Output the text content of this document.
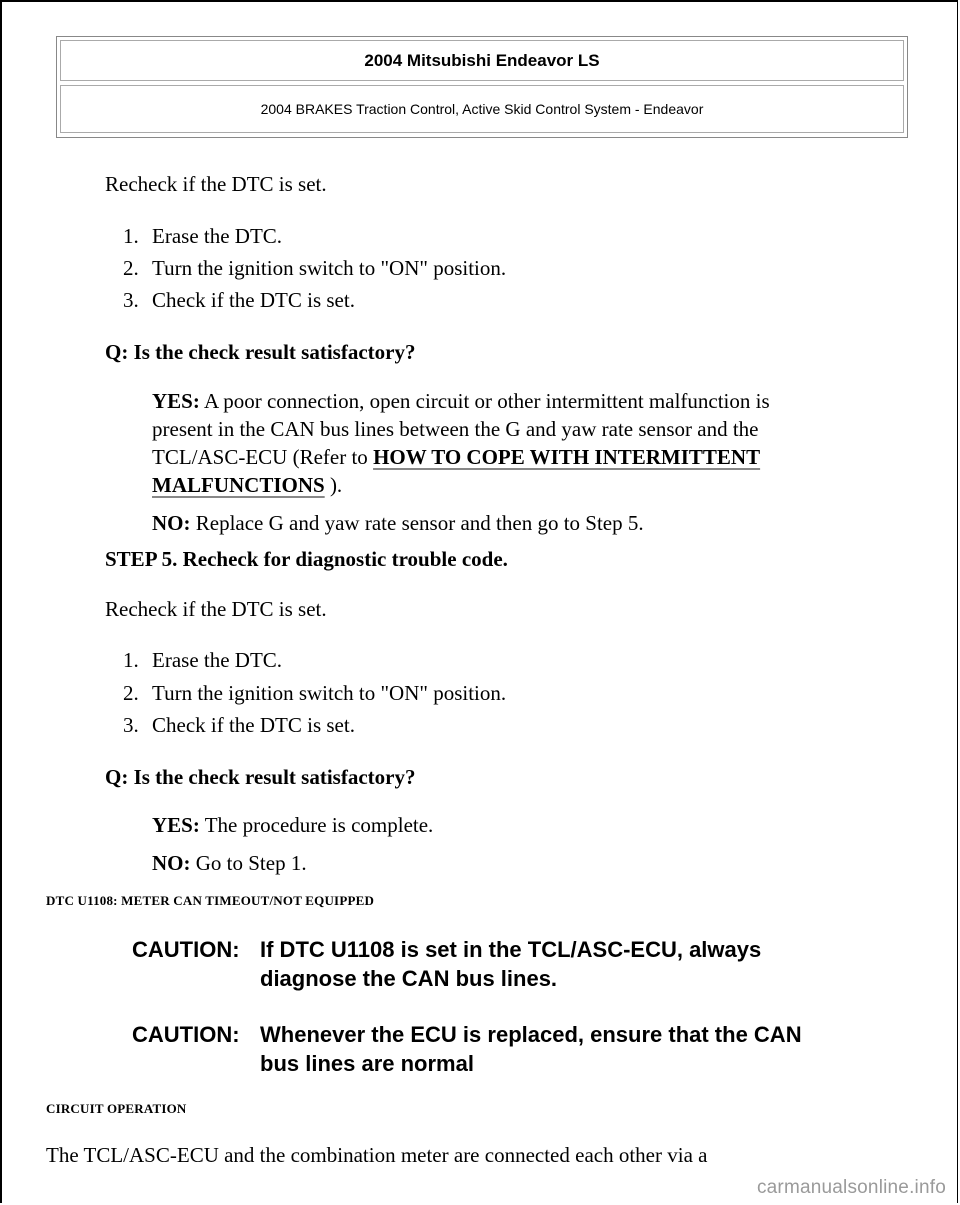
2004 Mitsubishi Endeavor LS
2004 BRAKES Traction Control, Active Skid Control System - Endeavor
Recheck if the DTC is set.
1. Erase the DTC.
2. Turn the ignition switch to "ON" position.
3. Check if the DTC is set.
Q: Is the check result satisfactory?
YES: A poor connection, open circuit or other intermittent malfunction is
present in the CAN bus lines between the G and yaw rate sensor and the
TCL/ASC-ECU (Refer to HOW TO COPE WITH INTERMITTENT
MALFUNCTIONS ).
NO: Replace G and yaw rate sensor and then go to Step 5.
STEP 5. Recheck for diagnostic trouble code.
Recheck if the DTC is set.
1. Erase the DTC.
2. Turn the ignition switch to "ON" position.
3. Check if the DTC is set.
Q: Is the check result satisfactory?
YES: The procedure is complete.
NO: Go to Step 1.
DTC U1108: METER CAN TIMEOUT/NOT EQUIPPED
CAUTION: If DTC U1108 is set in the TCL/ASC-ECU, always
diagnose the CAN bus lines.
CAUTION: Whenever the ECU is replaced, ensure that the CAN
bus lines are normal
CIRCUIT OPERATION
The TCL/ASC-ECU and the combination meter are connected each other via a
carmanualsonline.info
